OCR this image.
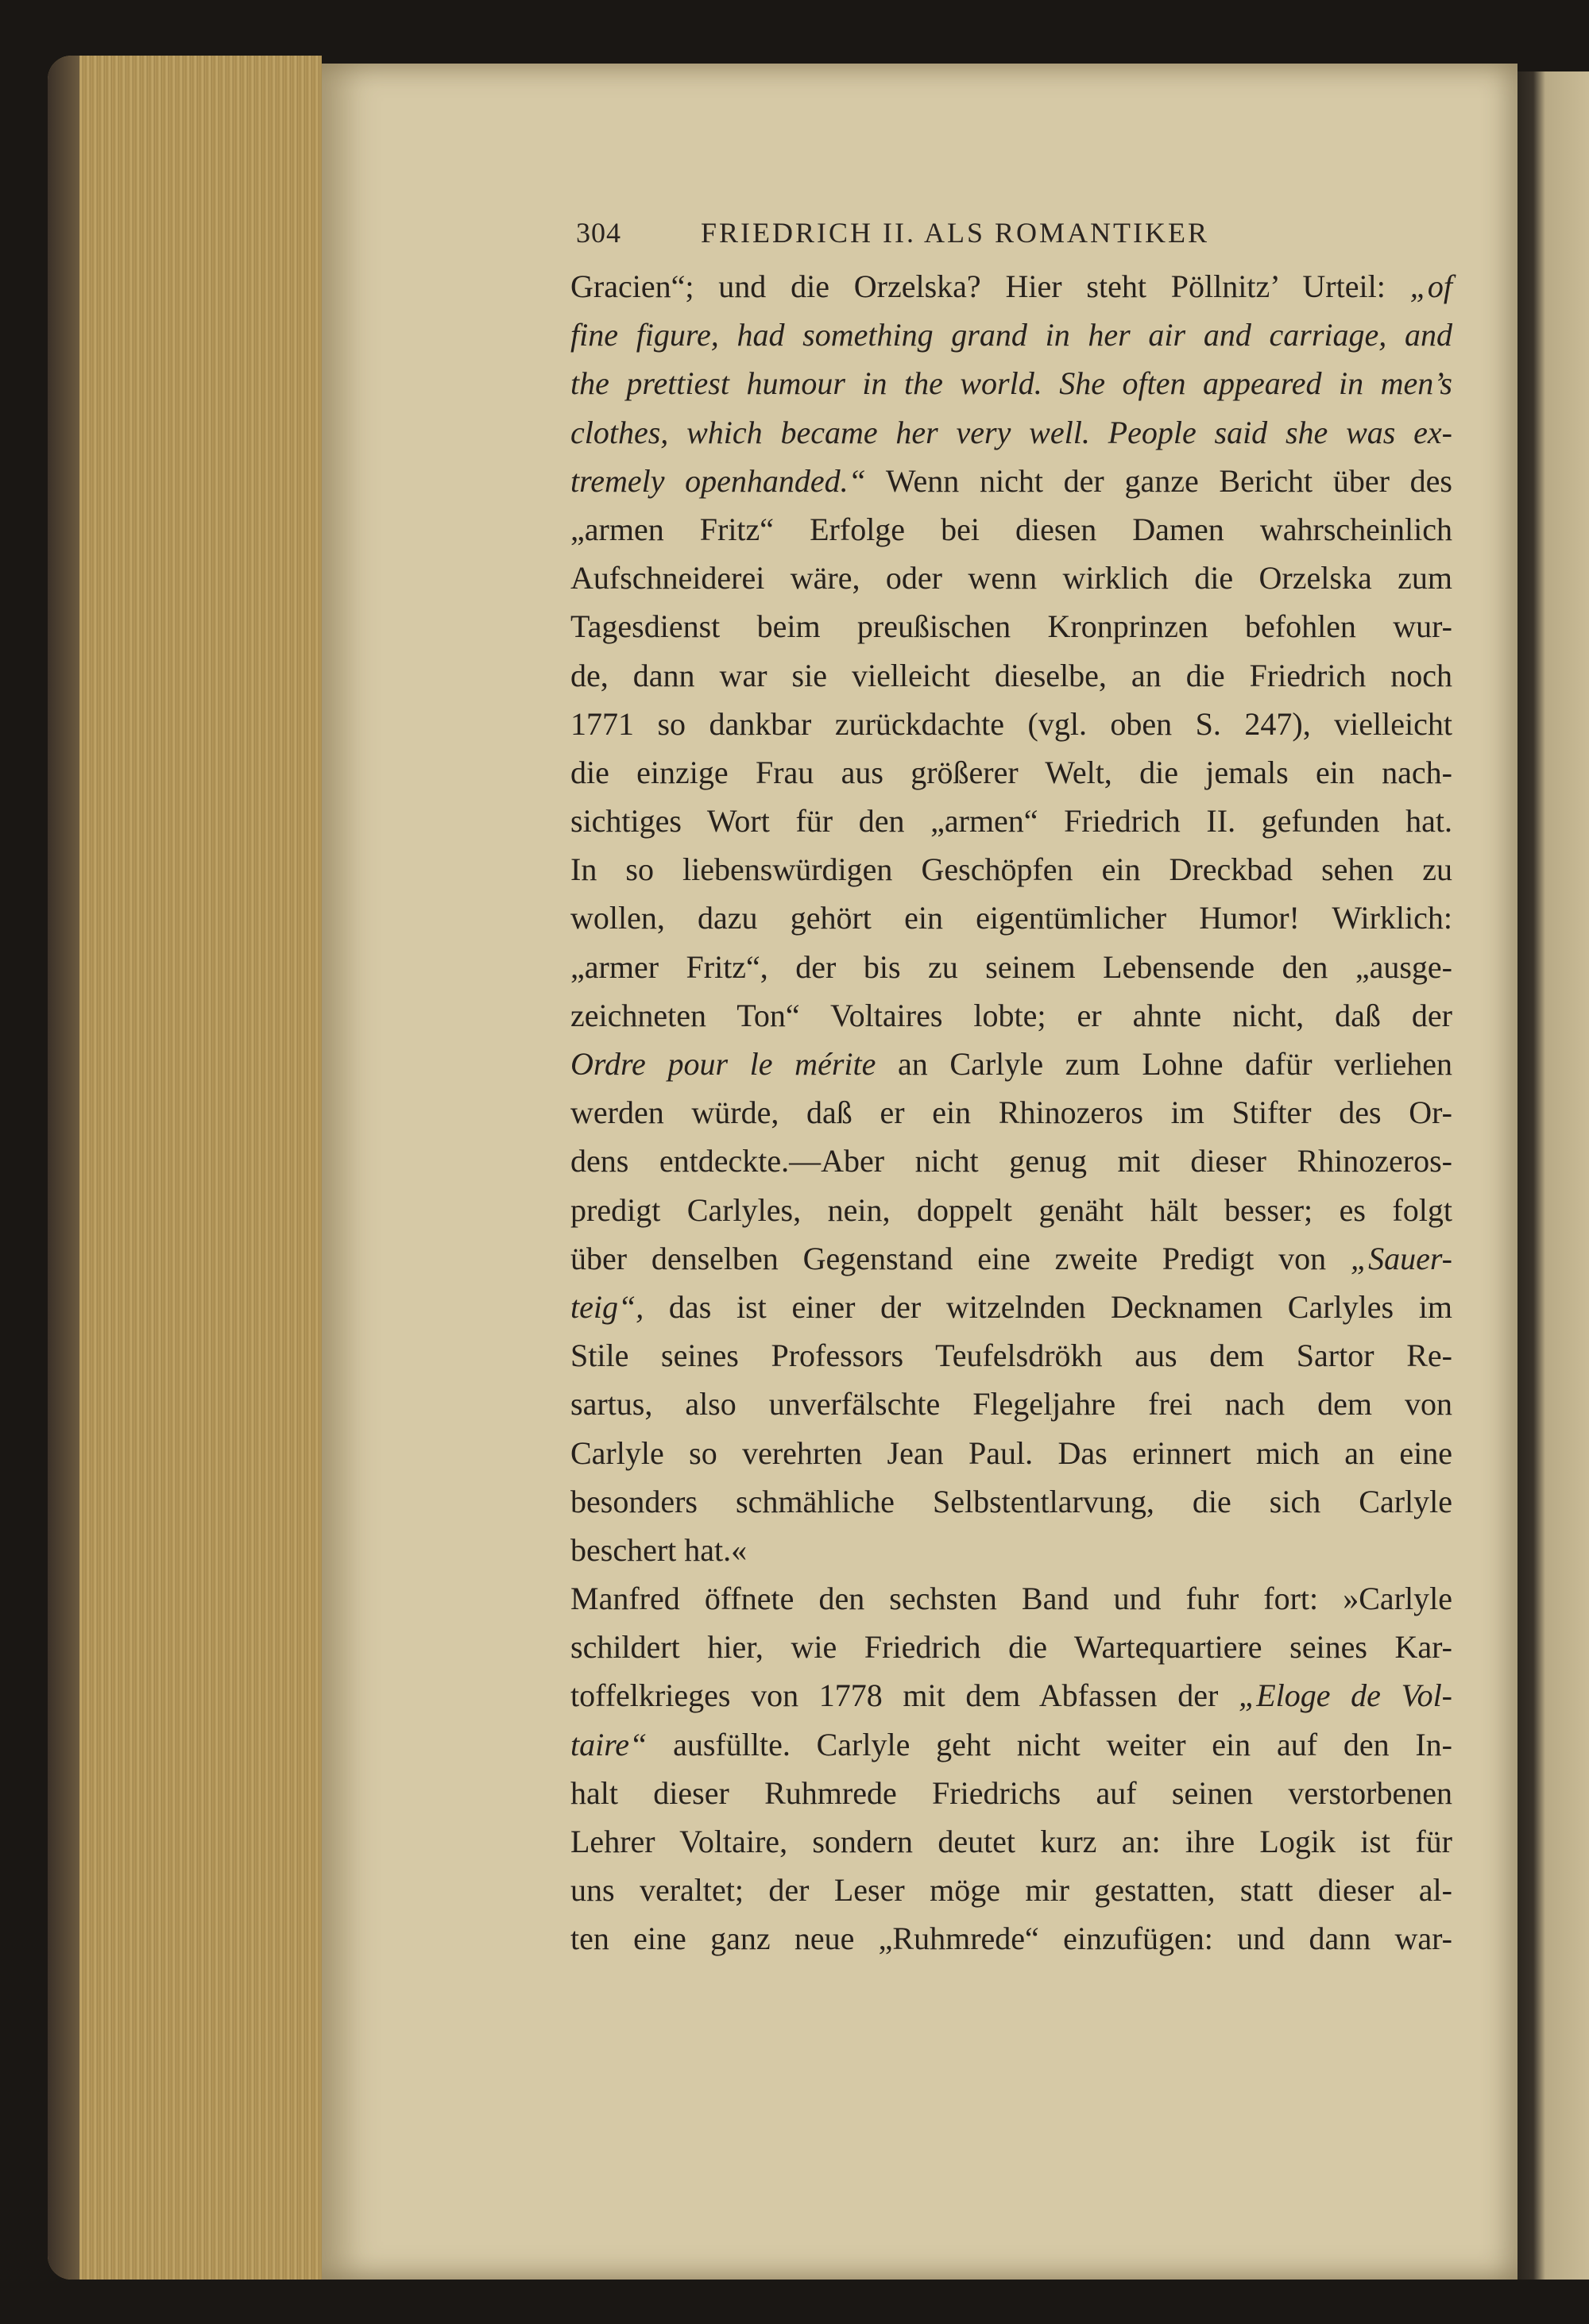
304	FRIEDRICH II. ALS ROMANTIKER
Gracien“; und die Orzelska? Hier steht Pöllnitz’ Urteil: „of
fine figure, had something grand in her air and carriage, and
the prettiest humour in the world. She often appeared in men’s
clothes, which became her very well. People said she was ex-
tremely openhanded.“ Wenn nicht der ganze Bericht über des
„armen Fritz“ Erfolge bei diesen Damen wahrscheinlich
Aufschneiderei wäre, oder wenn wirklich die Orzelska zum
Tagesdienst beim preußischen Kronprinzen befohlen wur-
de, dann war sie vielleicht dieselbe, an die Friedrich noch
1771 so dankbar zurückdachte (vgl. oben S. 247), vielleicht
die einzige Frau aus größerer Welt, die jemals ein nach-
sichtiges Wort für den „armen“ Friedrich II. gefunden hat.
In so liebenswürdigen Geschöpfen ein Dreckbad sehen zu
wollen, dazu gehört ein eigentümlicher Humor! Wirklich:
„armer Fritz“, der bis zu seinem Lebensende den „ausge-
zeichneten Ton“ Voltaires lobte; er ahnte nicht, daß der
Ordre pour le mérite an Carlyle zum Lohne dafür verliehen
werden würde, daß er ein Rhinozeros im Stifter des Or-
dens entdeckte.—Aber nicht genug mit dieser Rhinozeros-
predigt Carlyles, nein, doppelt genäht hält besser; es folgt
über denselben Gegenstand eine zweite Predigt von „Sauer-
teig“, das ist einer der witzelnden Decknamen Carlyles im
Stile seines Professors Teufelsdrökh aus dem Sartor Re-
sartus, also unverfälschte Flegeljahre frei nach dem von
Carlyle so verehrten Jean Paul. Das erinnert mich an eine
besonders schmähliche Selbstentlarvung, die sich Carlyle
beschert hat.«
Manfred öffnete den sechsten Band und fuhr fort: »Carlyle
schildert hier, wie Friedrich die Wartequartiere seines Kar-
toffelkrieges von 1778 mit dem Abfassen der „Eloge de Vol-
taire“ ausfüllte. Carlyle geht nicht weiter ein auf den In-
halt dieser Ruhmrede Friedrichs auf seinen verstorbenen
Lehrer Voltaire, sondern deutet kurz an: ihre Logik ist für
uns veraltet; der Leser möge mir gestatten, statt dieser al-
ten eine ganz neue „Ruhmrede“ einzufügen: und dann war-
